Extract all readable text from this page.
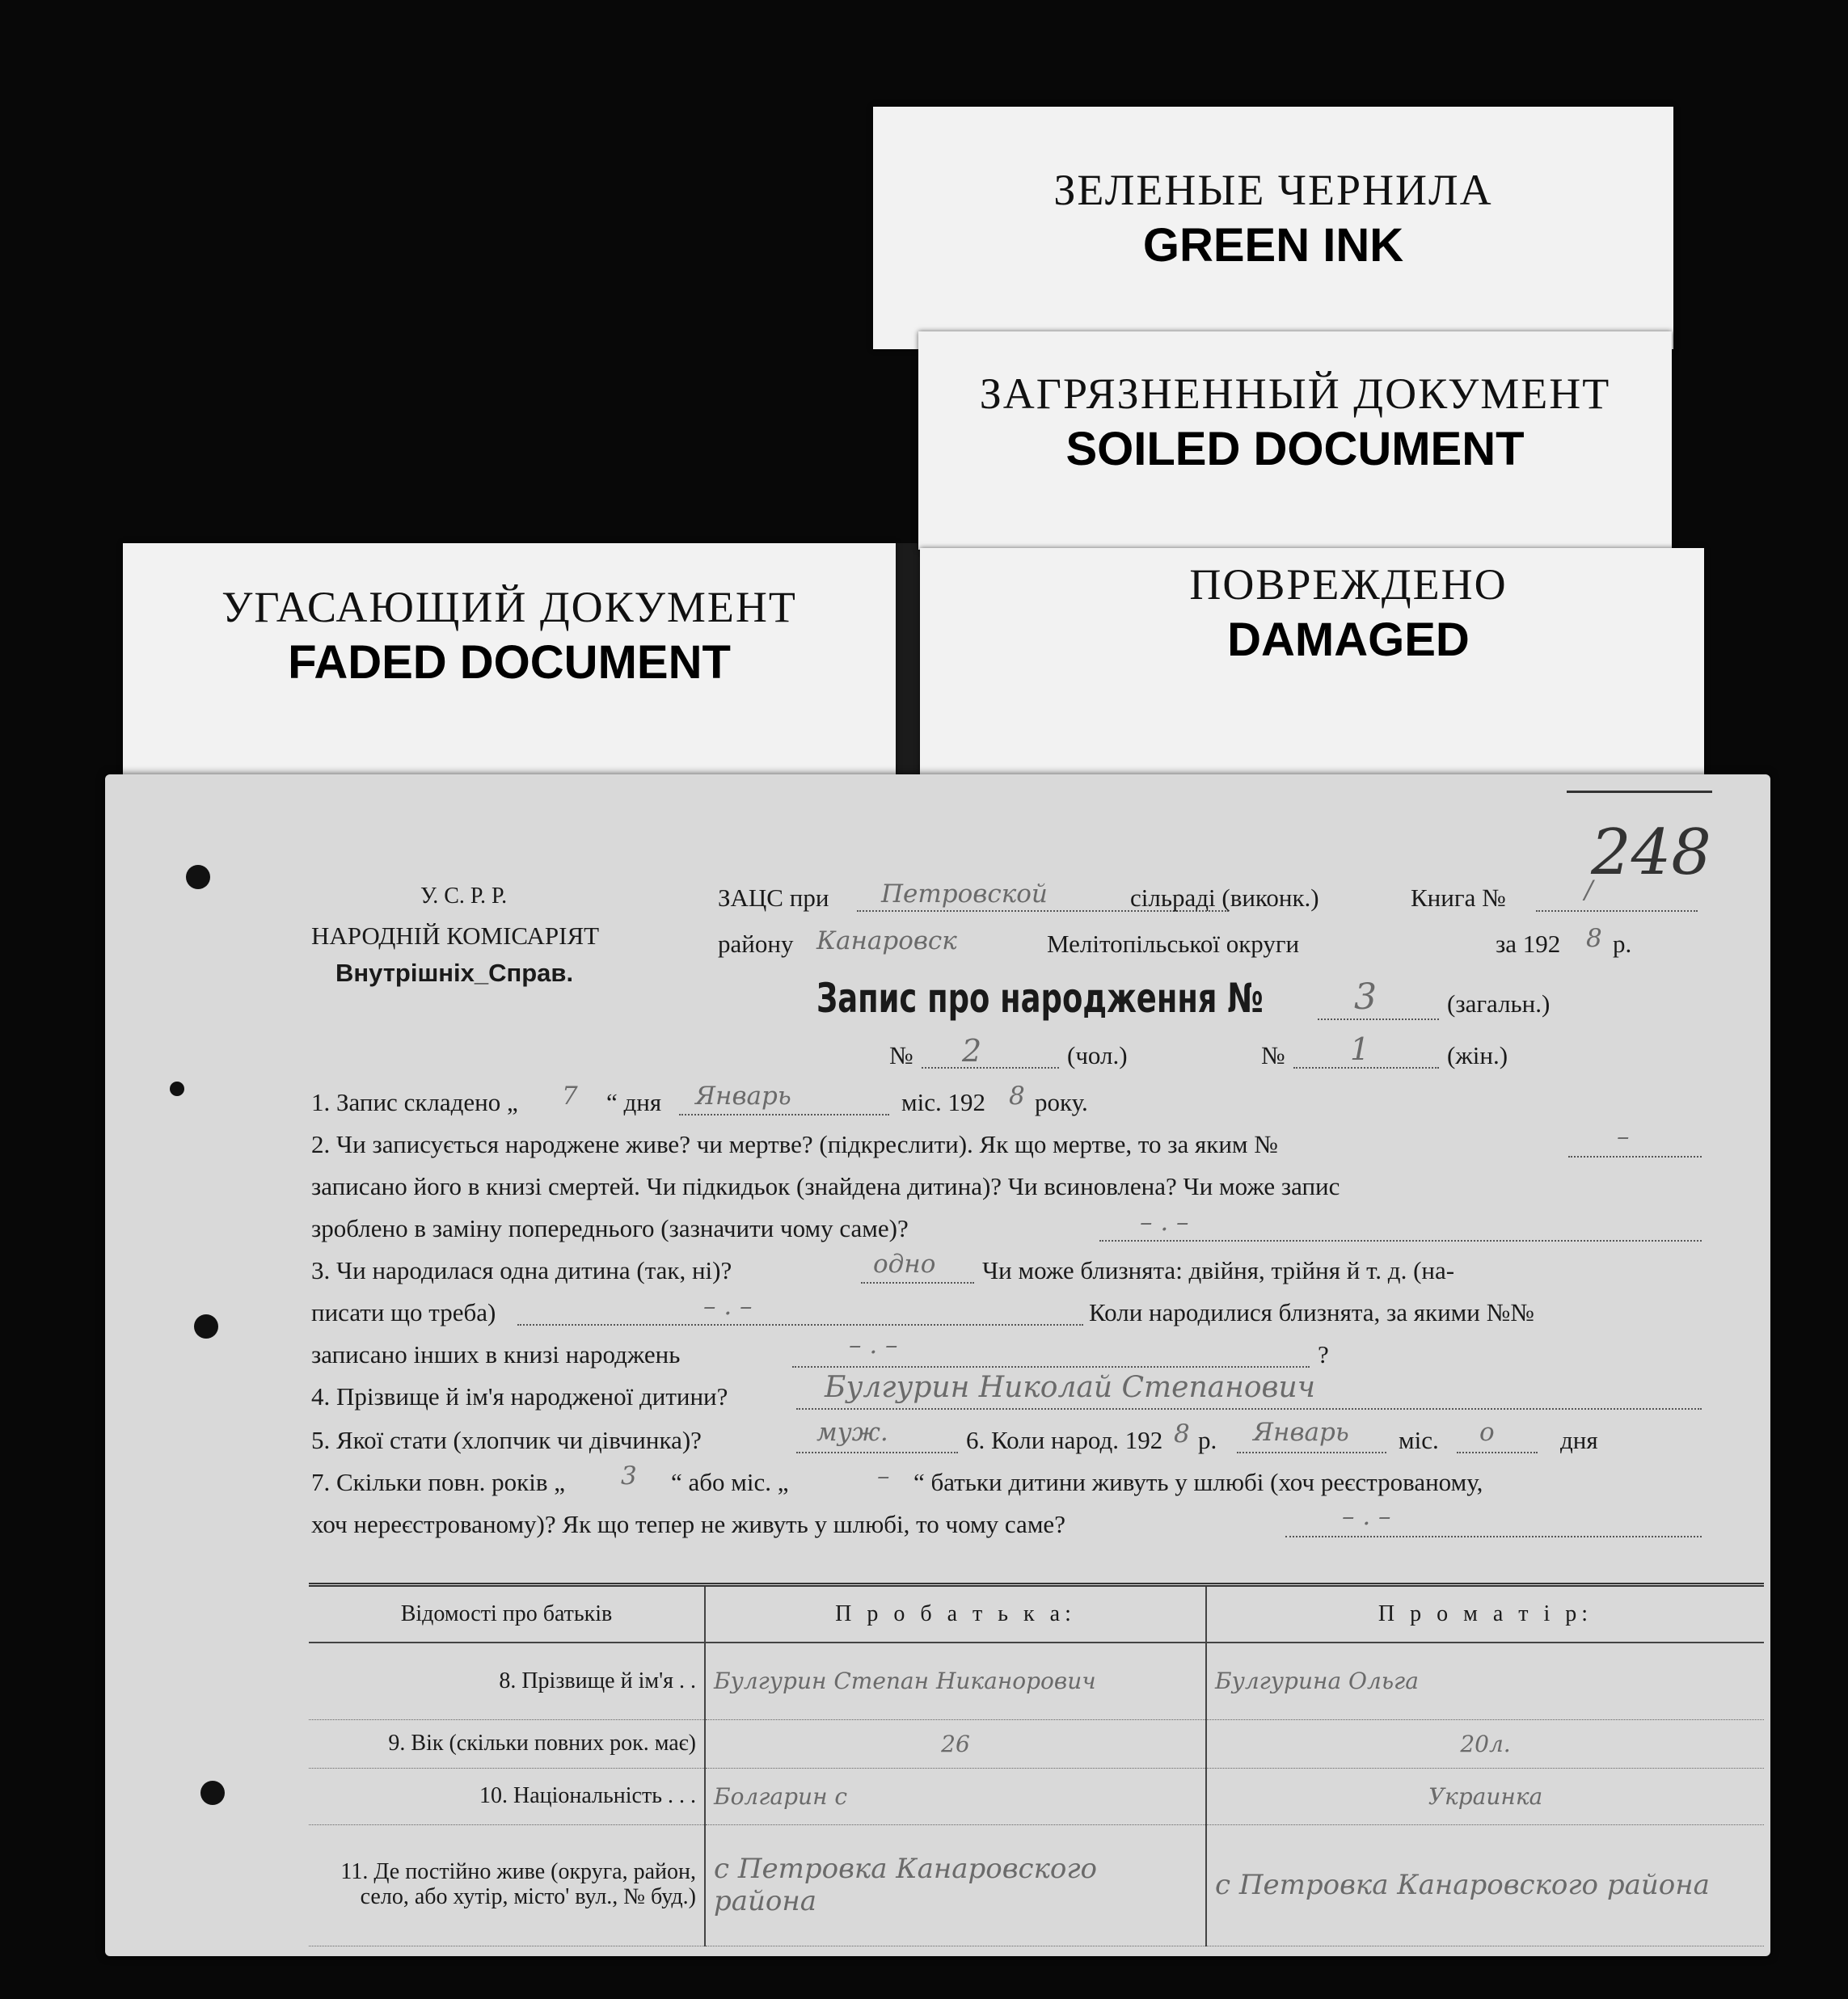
ЗЕЛЕНЫЕ ЧЕРНИЛА
GREEN INK
ЗАГРЯЗНЕННЫЙ ДОКУМЕНТ
SOILED DOCUMENT
ПОВРЕЖДЕНО
DAMAGED
УГАСАЮЩИЙ ДОКУМЕНТ
FADED DOCUMENT
248
У. С. Р. Р.
НАРОДНІЙ КОМІСАРІЯТ
Внутрішніх_Справ.
ЗАЦС при Петровской	сільраді (виконк.)	Книга №	/
району Канаровск	Мелітопільської округи	за 192 8 р.
Запис про народження №	3	(загальн.)
№ 2	(чол.)	№ 1	(жін.)
1. Запис складено „ 7 “ дня Январь	міс. 192 8 року.
2. Чи записується народжене живе? чи мертве? (підкреслити). Як що мертве, то за яким №	–
записано його в книзі смертей. Чи підкидьок (знайдена дитина)? Чи всиновлена? Чи може запис
зроблено в заміну попереднього (зазначити чому саме)?	– . –
3. Чи народилася одна дитина (так, ні)?	одно Чи може близнята: двійня, трійня й т. д. (на-
писати що треба)	– . –	Коли народилися близнята, за якими №№
записано інших в книзі народжень	– . –	?
4. Прізвище й ім'я народженої дитини?	Булгурин Николай Степанович
5. Якої стати (хлопчик чи дівчинка)?	муж.	6. Коли народ. 192 8 р. Январь міс. о	дня
7. Скільки повн. років „ 3 “ або міс. „	– “ батьки дитини живуть у шлюбі (хоч реєстрованому,
хоч нереєстрованому)? Як що тепер не живуть у шлюбі, то чому саме?	– . –
Відомості про батьків	П р о б а т ь к а:	П р о м а т і р:
8. Прізвище й ім'я . .	Булгурин Степан Никанорович	Булгурина Ольга
9. Вік (скільки повних рок. має)	26	20л.
10. Національність . . .	Болгарин с	Украинка
11. Де постійно живе (округа, район, село, або хутір, місто' вул., № буд.)	с Петровка Канаровского района	с Петровка Канаровского района
